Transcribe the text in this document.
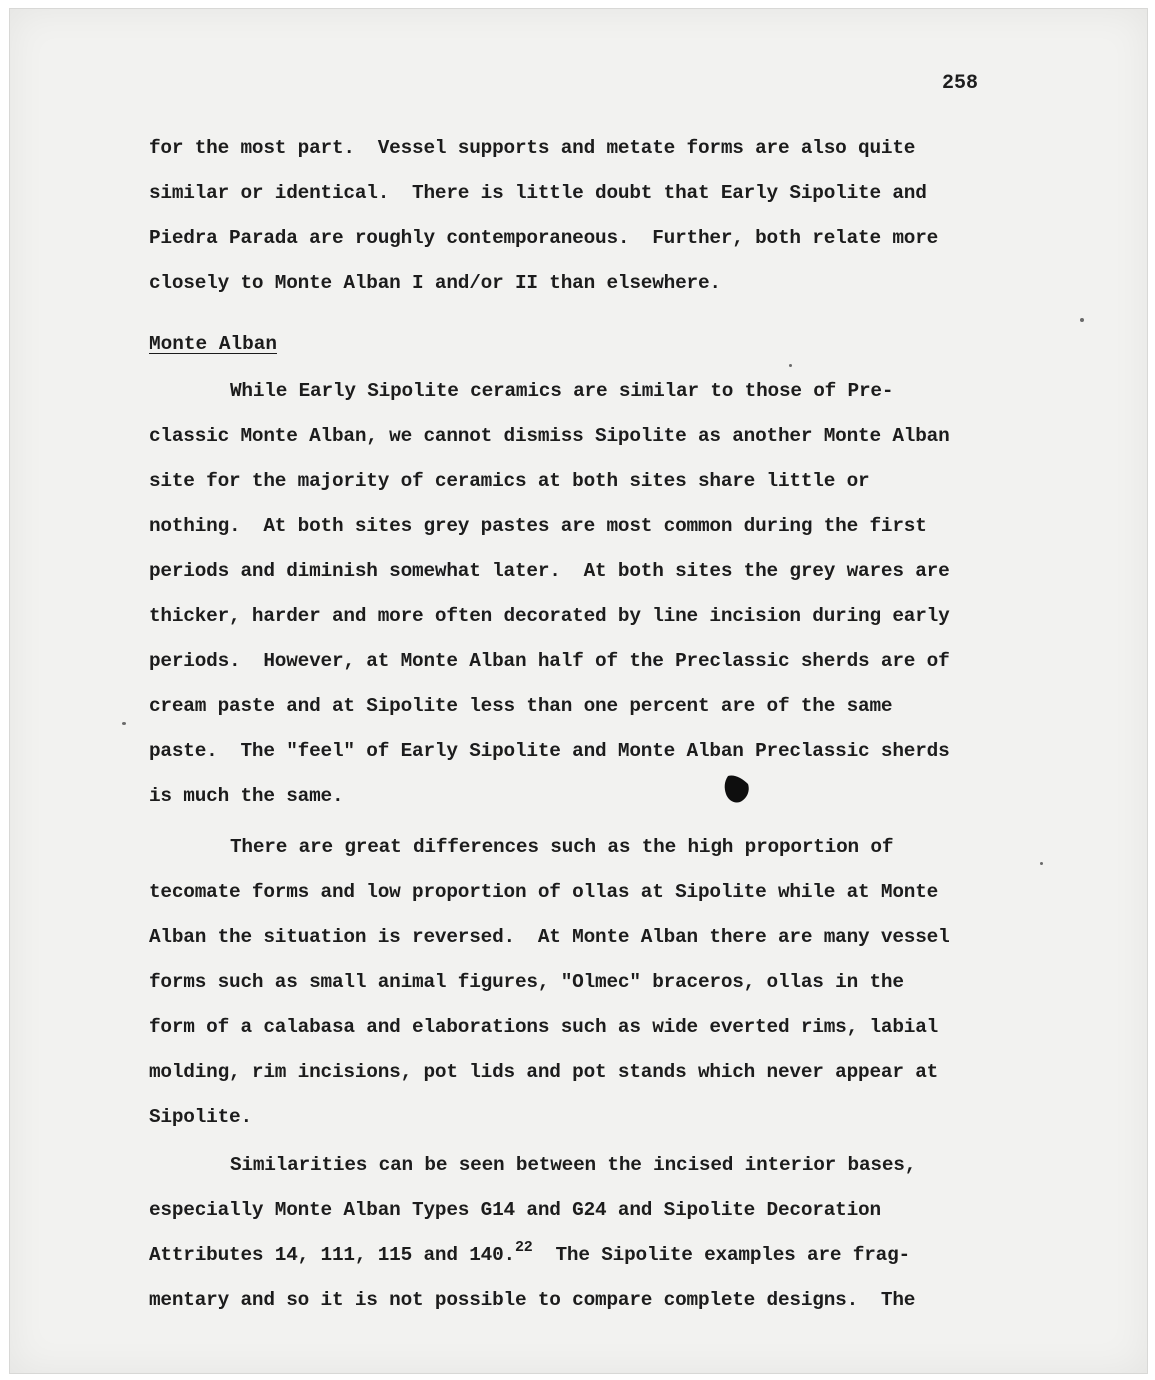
258
for the most part.  Vessel supports and metate forms are also quite
similar or identical.  There is little doubt that Early Sipolite and
Piedra Parada are roughly contemporaneous.  Further, both relate more
closely to Monte Alban I and/or II than elsewhere.
Monte Alban
While Early Sipolite ceramics are similar to those of Pre-
classic Monte Alban, we cannot dismiss Sipolite as another Monte Alban
site for the majority of ceramics at both sites share little or
nothing.  At both sites grey pastes are most common during the first
periods and diminish somewhat later.  At both sites the grey wares are
thicker, harder and more often decorated by line incision during early
periods.  However, at Monte Alban half of the Preclassic sherds are of
cream paste and at Sipolite less than one percent are of the same
paste.  The "feel" of Early Sipolite and Monte Alban Preclassic sherds
is much the same.
There are great differences such as the high proportion of
tecomate forms and low proportion of ollas at Sipolite while at Monte
Alban the situation is reversed.  At Monte Alban there are many vessel
forms such as small animal figures, "Olmec" braceros, ollas in the
form of a calabasa and elaborations such as wide everted rims, labial
molding, rim incisions, pot lids and pot stands which never appear at
Sipolite.
Similarities can be seen between the incised interior bases,
especially Monte Alban Types G14 and G24 and Sipolite Decoration
Attributes 14, 111, 115 and 140.22  The Sipolite examples are frag-
mentary and so it is not possible to compare complete designs.  The
